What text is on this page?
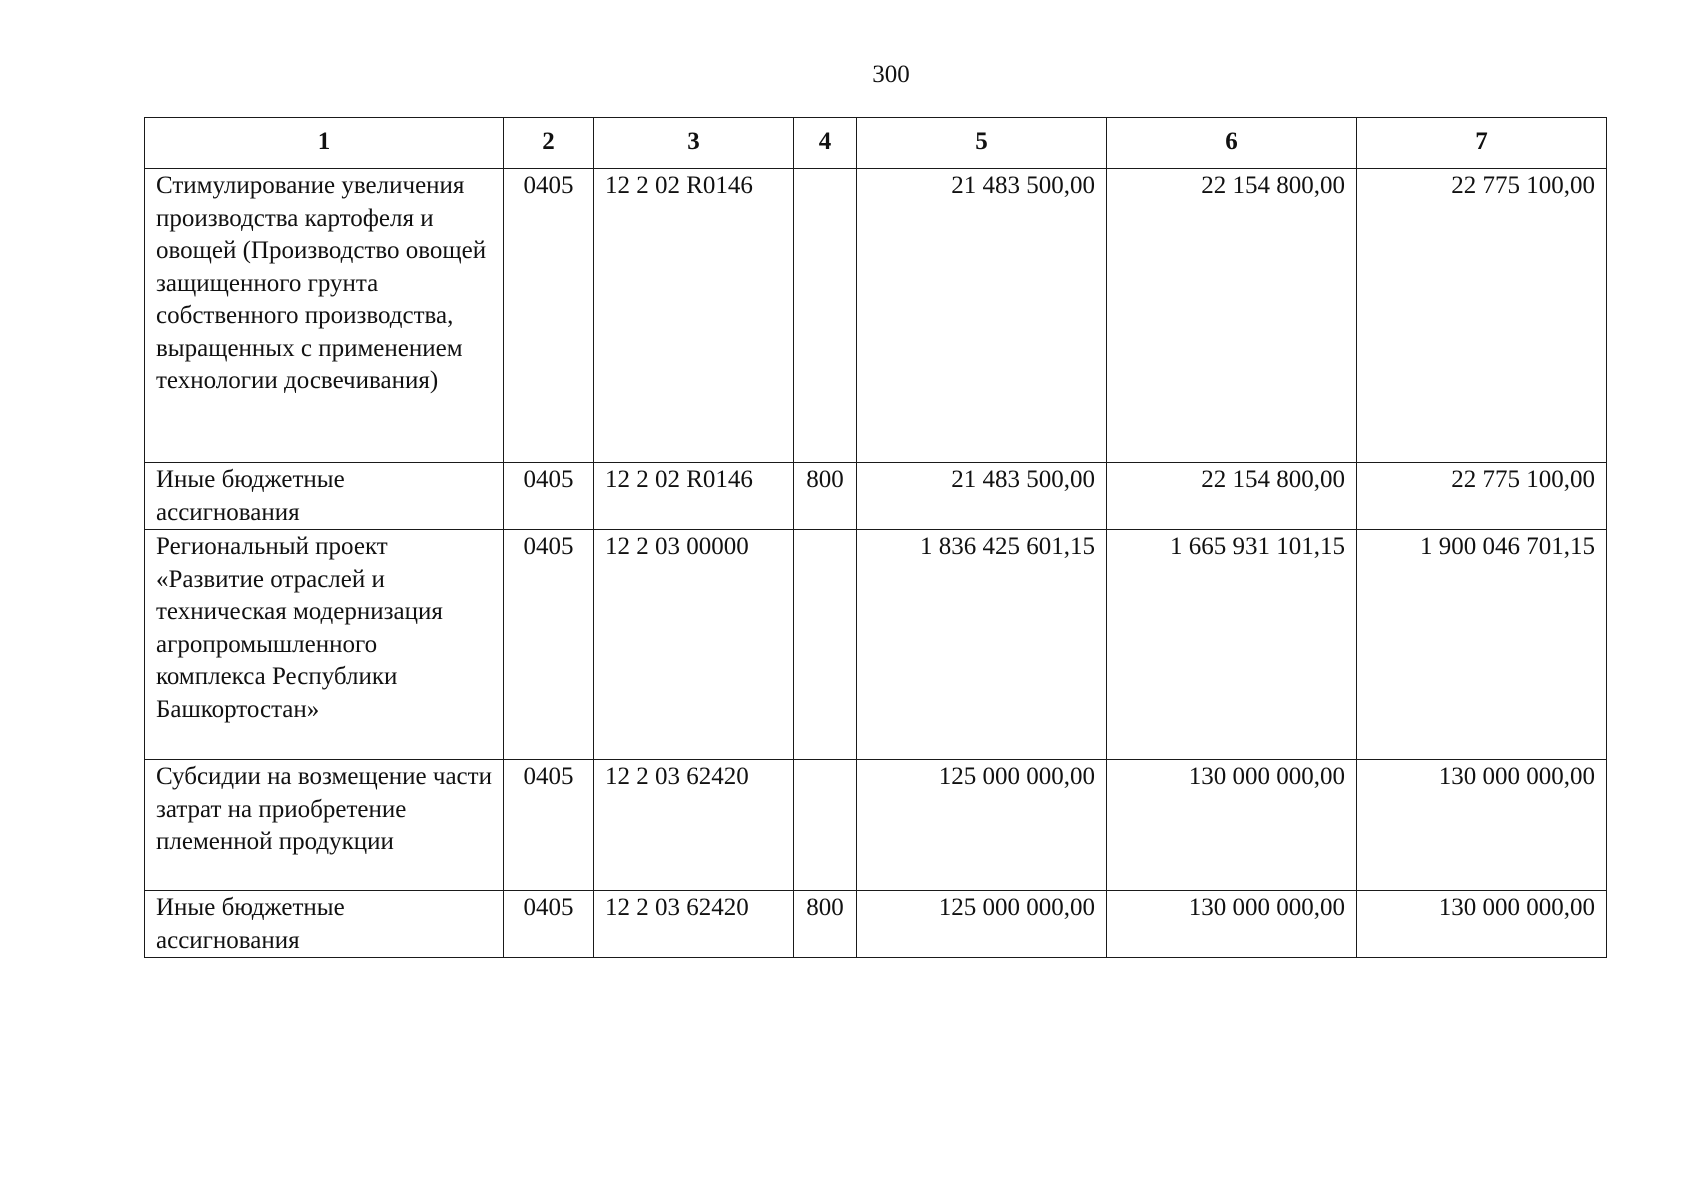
300
1	2	3	4	5	6	7

Стимулирование увеличения производства картофеля и овощей (Производство овощей защищенного грунта собственного производства, выращенных с применением технологии досвечивания)	0405	12 2 02 R0146		21 483 500,00	22 154 800,00	22 775 100,00

Иные бюджетные ассигнования	0405	12 2 02 R0146	800	21 483 500,00	22 154 800,00	22 775 100,00

Региональный проект «Развитие отраслей и техническая модернизация агропромышленного комплекса Республики Башкортостан»	0405	12 2 03 00000		1 836 425 601,15	1 665 931 101,15	1 900 046 701,15

Субсидии на возмещение части затрат на приобретение племенной продукции	0405	12 2 03 62420		125 000 000,00	130 000 000,00	130 000 000,00

Иные бюджетные ассигнования	0405	12 2 03 62420	800	125 000 000,00	130 000 000,00	130 000 000,00
